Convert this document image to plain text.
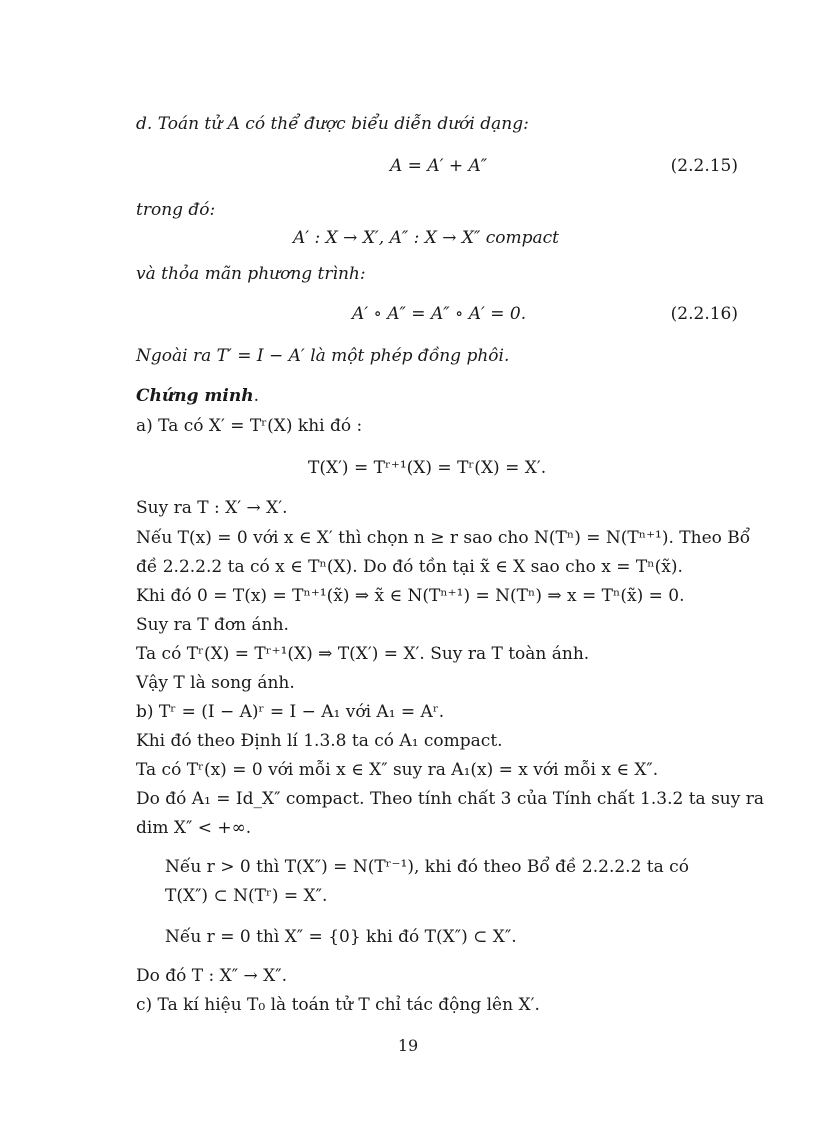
d. Toán tử A có thể được biểu diễn dưới dạng:
A = A′ + A″	(2.2.15)
trong đó:
A′ : X → X′, A″ : X → X″ compact
và thỏa mãn phương trình:
A′ ∘ A″ = A″ ∘ A′ = 0.	(2.2.16)
Ngoài ra T′ = I − A′ là một phép đồng phôi.
Chứng minh.
a) Ta có X′ = Tʳ(X) khi đó :
T(X′) = Tʳ⁺¹(X) = Tʳ(X) = X′.
Suy ra T : X′ → X′.
Nếu T(x) = 0 với x ∈ X′ thì chọn n ≥ r sao cho N(Tⁿ) = N(Tⁿ⁺¹). Theo Bổ
đề 2.2.2.2 ta có x ∈ Tⁿ(X). Do đó tồn tại x̃ ∈ X sao cho x = Tⁿ(x̃).
Khi đó 0 = T(x) = Tⁿ⁺¹(x̃) ⇒ x̃ ∈ N(Tⁿ⁺¹) = N(Tⁿ) ⇒ x = Tⁿ(x̃) = 0.
Suy ra T đơn ánh.
Ta có Tʳ(X) = Tʳ⁺¹(X) ⇒ T(X′) = X′. Suy ra T toàn ánh.
Vậy T là song ánh.
b) Tʳ = (I − A)ʳ = I − A₁ với A₁ = Aʳ.
Khi đó theo Định lí 1.3.8 ta có A₁ compact.
Ta có Tʳ(x) = 0 với mỗi x ∈ X″ suy ra A₁(x) = x với mỗi x ∈ X″.
Do đó A₁ = Id_X″ compact. Theo tính chất 3 của Tính chất 1.3.2 ta suy ra
dim X″ < +∞.
Nếu r > 0 thì T(X″) = N(Tʳ⁻¹), khi đó theo Bổ đề 2.2.2.2 ta có
T(X″) ⊂ N(Tʳ) = X″.
Nếu r = 0 thì X″ = {0} khi đó T(X″) ⊂ X″.
Do đó T : X″ → X″.
c) Ta kí hiệu T₀ là toán tử T chỉ tác động lên X′.
19
